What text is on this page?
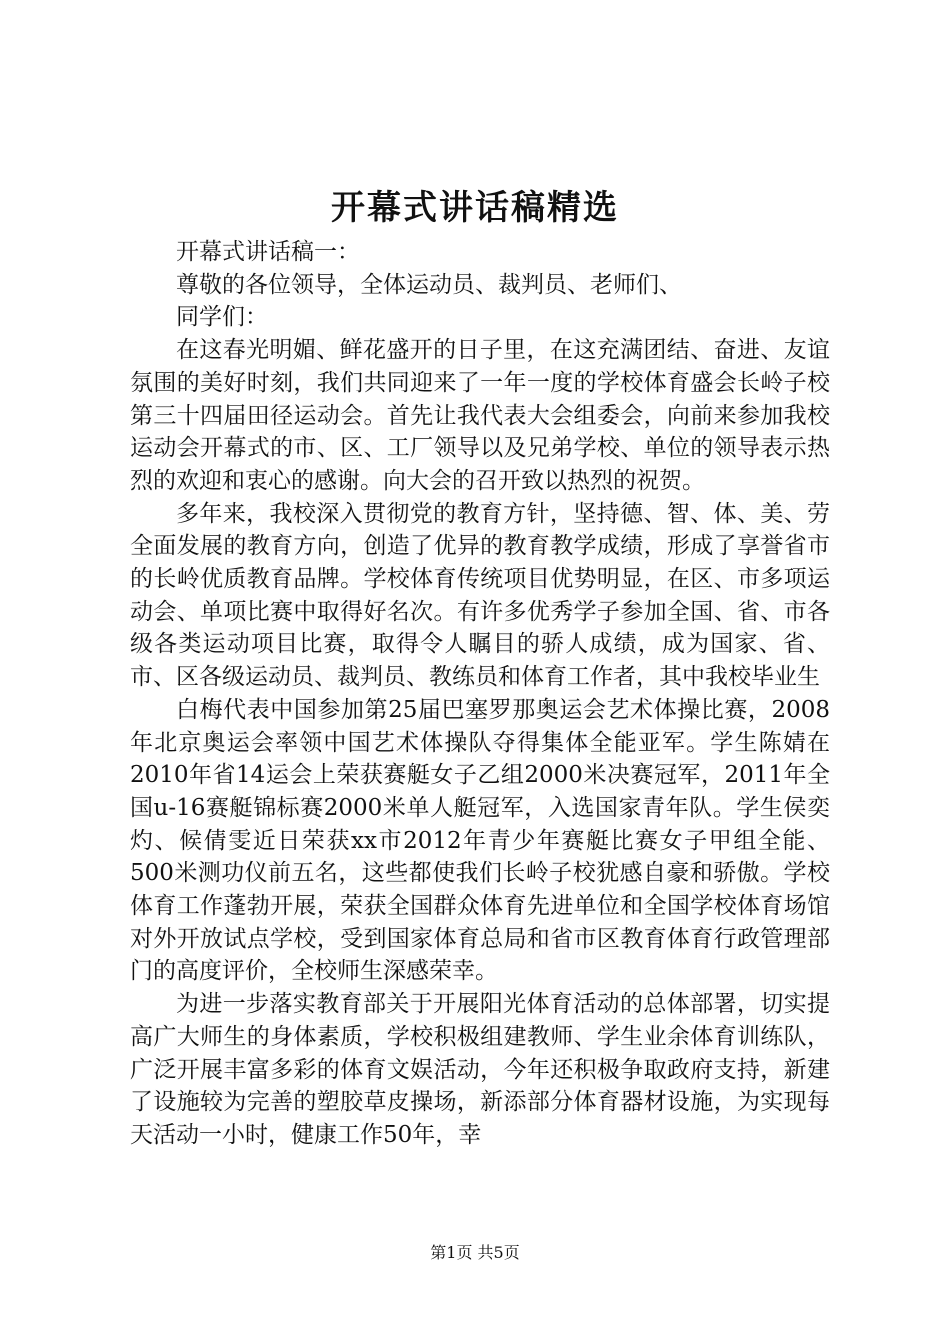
开幕式讲话稿精选

开幕式讲话稿一：

尊敬的各位领导，全体运动员、裁判员、老师们、

同学们：

在这春光明媚、鲜花盛开的日子里，在这充满团结、奋进、友谊氛围的美好时刻，我们共同迎来了一年一度的学校体育盛会长岭子校第三十四届田径运动会。首先让我代表大会组委会，向前来参加我校运动会开幕式的市、区、工厂领导以及兄弟学校、单位的领导表示热烈的欢迎和衷心的感谢。向大会的召开致以热烈的祝贺。

多年来，我校深入贯彻党的教育方针，坚持德、智、体、美、劳全面发展的教育方向，创造了优异的教育教学成绩，形成了享誉省市的长岭优质教育品牌。学校体育传统项目优势明显，在区、市多项运动会、单项比赛中取得好名次。有许多优秀学子参加全国、省、市各级各类运动项目比赛，取得令人瞩目的骄人成绩，成为国家、省、市、区各级运动员、裁判员、教练员和体育工作者，其中我校毕业生

白梅代表中国参加第25届巴塞罗那奥运会艺术体操比赛，2008年北京奥运会率领中国艺术体操队夺得集体全能亚军。学生陈婧在2010年省14运会上荣获赛艇女子乙组2000米决赛冠军，2011年全国u-16赛艇锦标赛2000米单人艇冠军，入选国家青年队。学生侯奕灼、候倩雯近日荣获xx市2012年青少年赛艇比赛女子甲组全能、500米测功仪前五名，这些都使我们长岭子校犹感自豪和骄傲。学校体育工作蓬勃开展，荣获全国群众体育先进单位和全国学校体育场馆对外开放试点学校，受到国家体育总局和省市区教育体育行政管理部门的高度评价，全校师生深感荣幸。

为进一步落实教育部关于开展阳光体育活动的总体部署，切实提高广大师生的身体素质，学校积极组建教师、学生业余体育训练队，广泛开展丰富多彩的体育文娱活动，今年还积极争取政府支持，新建了设施较为完善的塑胶草皮操场，新添部分体育器材设施，为实现每天活动一小时，健康工作50年，幸

第1页 共5页
